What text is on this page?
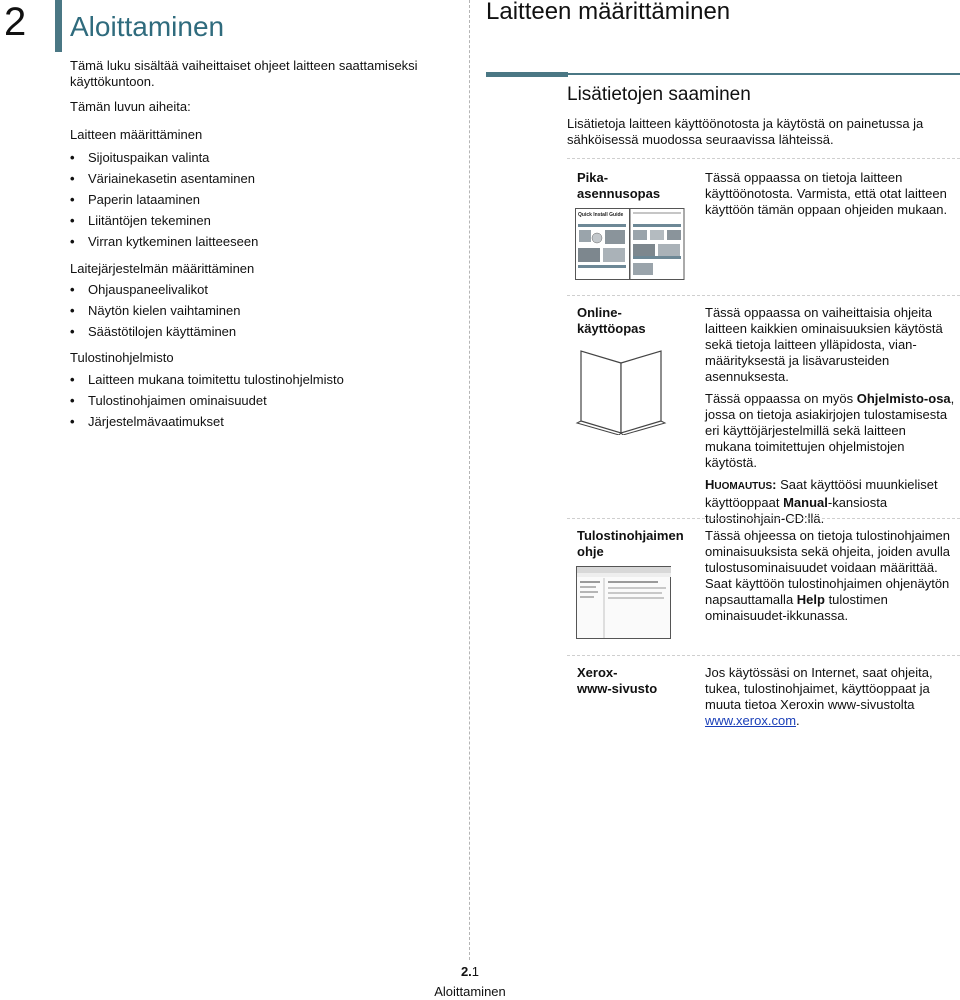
2 Aloittaminen
Tämä luku sisältää vaiheittaiset ohjeet laitteen saattamiseksi käyttökuntoon.
Tämän luvun aiheita:
Laitteen määrittäminen
• Sijoituspaikan valinta
• Väriainekasetin asentaminen
• Paperin lataaminen
• Liitäntöjen tekeminen
• Virran kytkeminen laitteeseen
Laitejärjestelmän määrittäminen
• Ohjauspaneelivalikot
• Näytön kielen vaihtaminen
• Säästötilojen käyttäminen
Tulostinohjelmisto
• Laitteen mukana toimitettu tulostinohjelmisto
• Tulostinohjaimen ominaisuudet
• Järjestelmävaatimukset
Laitteen määrittäminen
Lisätietojen saaminen
Lisätietoja laitteen käyttöönotosta ja käytöstä on painetussa ja sähköisessä muodossa seuraavissa lähteissä.
Pika-
asennusopas
Tässä oppaassa on tietoja laitteen käyttöönotosta. Varmista, että otat laitteen käyttöön tämän oppaan ohjeiden mukaan.
Quick Install Guide
Online-
käyttöopas

Tässä oppaassa on vaiheittaisia ohjeita laitteen kaikkien ominaisuuksien käytöstä sekä tietoja laitteen ylläpidosta, vianmäärityksestä ja lisävarusteiden asennuksesta.

Tässä oppaassa on myös Ohjelmisto-osa, jossa on tietoja asiakirjojen tulostamisesta eri käyttöjärjestelmillä sekä laitteen mukana toimitettujen ohjelmistojen käytöstä.

HUOMAUTUS: Saat käyttöösi muunkieliset käyttöoppaat Manual-kansiosta tulostinohjain-CD:llä.

Tulostinohjaimen
ohje
Tässä ohjeessa on tietoja tulostinohjaimen ominaisuuksista sekä ohjeita, joiden avulla tulostusominaisuudet voidaan määrittää. Saat käyttöön tulostinohjaimen ohjenäytön napsauttamalla Help tulostimen ominaisuudet-ikkunassa.
Xerox-
www-sivusto
Jos käytössäsi on Internet, saat ohjeita, tukea, tulostinohjaimet, käyttöoppaat ja muuta tietoa Xeroxin www-sivustolta www.xerox.com.
2.1
Aloittaminen
